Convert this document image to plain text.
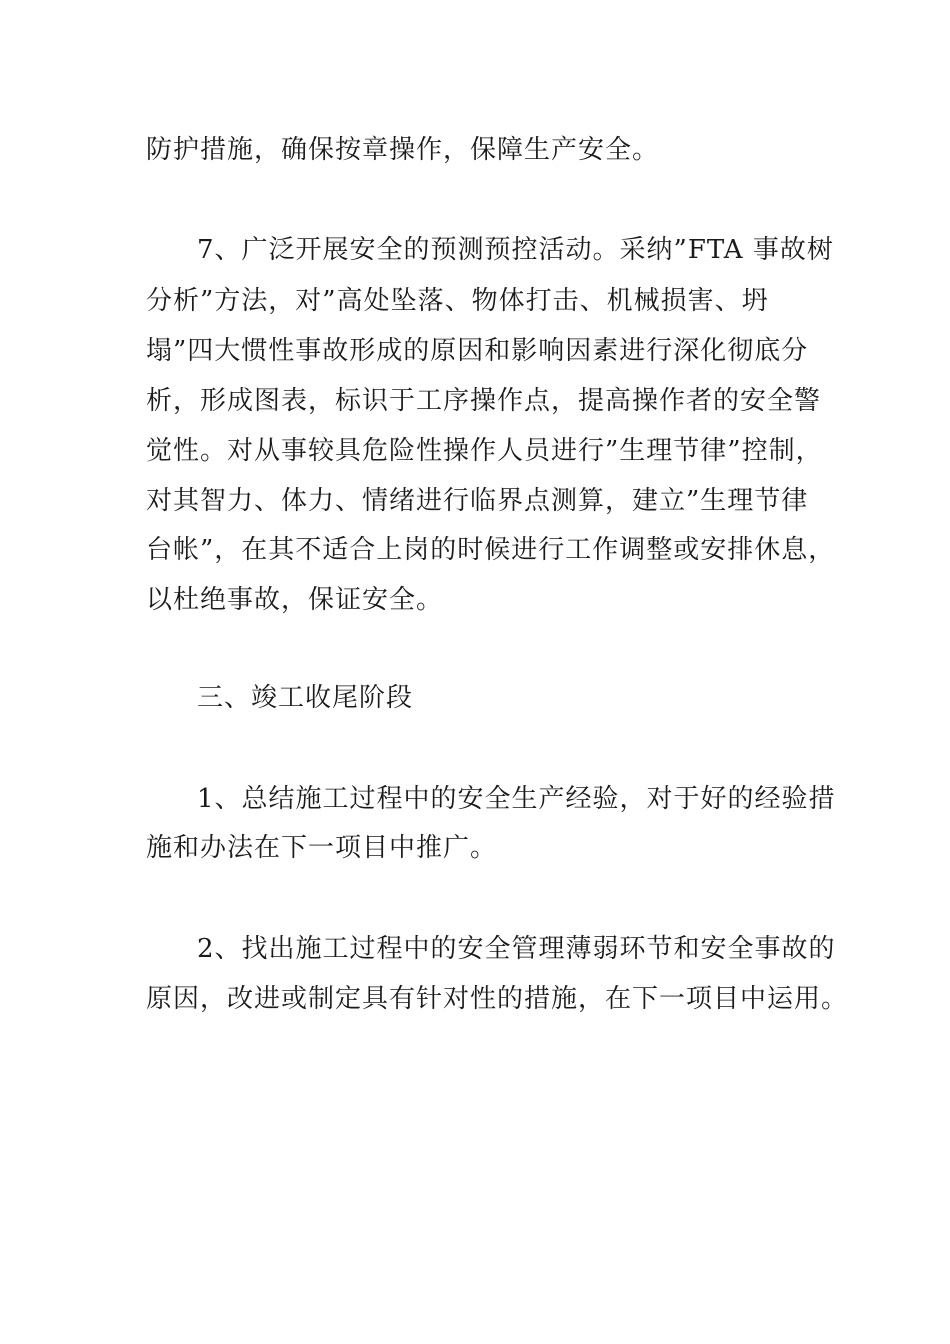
防护措施，确保按章操作，保障生产安全。
7、广泛开展安全的预测预控活动。采纳”FTA 事故树
分析”方法，对”高处坠落、物体打击、机械损害、坍
塌”四大惯性事故形成的原因和影响因素进行深化彻底分
析，形成图表，标识于工序操作点，提高操作者的安全警
觉性。对从事较具危险性操作人员进行”生理节律”控制，
对其智力、体力、情绪进行临界点测算，建立”生理节律
台帐”，在其不适合上岗的时候进行工作调整或安排休息，
以杜绝事故，保证安全。
三、竣工收尾阶段
1、总结施工过程中的安全生产经验，对于好的经验措
施和办法在下一项目中推广。
2、找出施工过程中的安全管理薄弱环节和安全事故的
原因，改进或制定具有针对性的措施，在下一项目中运用。
